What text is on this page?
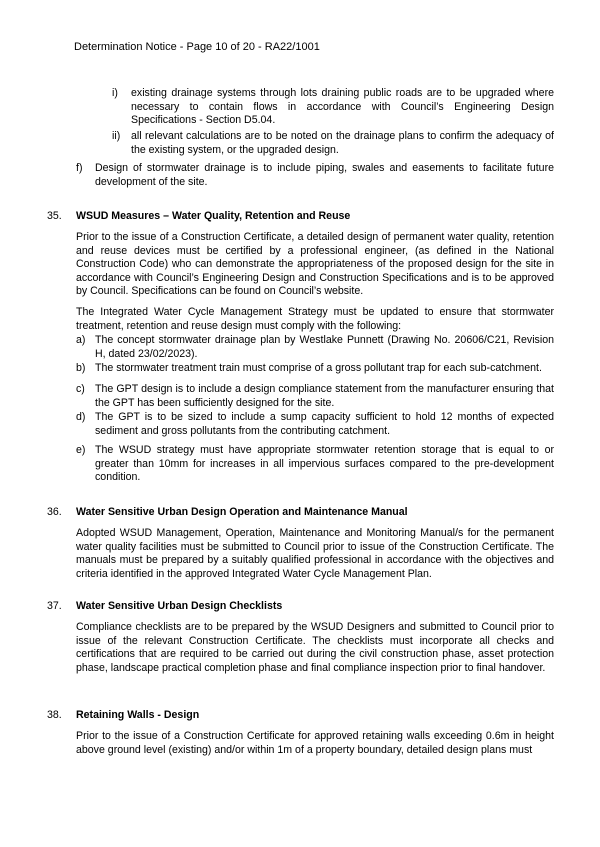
Determination Notice - Page 10 of 20 - RA22/1001
i) existing drainage systems through lots draining public roads are to be upgraded where necessary to contain flows in accordance with Council’s Engineering Design Specifications - Section D5.04.
ii) all relevant calculations are to be noted on the drainage plans to confirm the adequacy of the existing system, or the upgraded design.
f) Design of stormwater drainage is to include piping, swales and easements to facilitate future development of the site.
35. WSUD Measures – Water Quality, Retention and Reuse
Prior to the issue of a Construction Certificate, a detailed design of permanent water quality, retention and reuse devices must be certified by a professional engineer, (as defined in the National Construction Code) who can demonstrate the appropriateness of the proposed design for the site in accordance with Council’s Engineering Design and Construction Specifications and is to be approved by Council. Specifications can be found on Council’s website.
The Integrated Water Cycle Management Strategy must be updated to ensure that stormwater treatment, retention and reuse design must comply with the following:
a) The concept stormwater drainage plan by Westlake Punnett (Drawing No. 20606/C21, Revision H, dated 23/02/2023).
b) The stormwater treatment train must comprise of a gross pollutant trap for each sub-catchment.
c) The GPT design is to include a design compliance statement from the manufacturer ensuring that the GPT has been sufficiently designed for the site.
d) The GPT is to be sized to include a sump capacity sufficient to hold 12 months of expected sediment and gross pollutants from the contributing catchment.
e) The WSUD strategy must have appropriate stormwater retention storage that is equal to or greater than 10mm for increases in all impervious surfaces compared to the pre-development condition.
36. Water Sensitive Urban Design Operation and Maintenance Manual
Adopted WSUD Management, Operation, Maintenance and Monitoring Manual/s for the permanent water quality facilities must be submitted to Council prior to issue of the Construction Certificate. The manuals must be prepared by a suitably qualified professional in accordance with the objectives and criteria identified in the approved Integrated Water Cycle Management Plan.
37. Water Sensitive Urban Design Checklists
Compliance checklists are to be prepared by the WSUD Designers and submitted to Council prior to issue of the relevant Construction Certificate. The checklists must incorporate all checks and certifications that are required to be carried out during the civil construction phase, asset protection phase, landscape practical completion phase and final compliance inspection prior to final handover.
38. Retaining Walls - Design
Prior to the issue of a Construction Certificate for approved retaining walls exceeding 0.6m in height above ground level (existing) and/or within 1m of a property boundary, detailed design plans must
